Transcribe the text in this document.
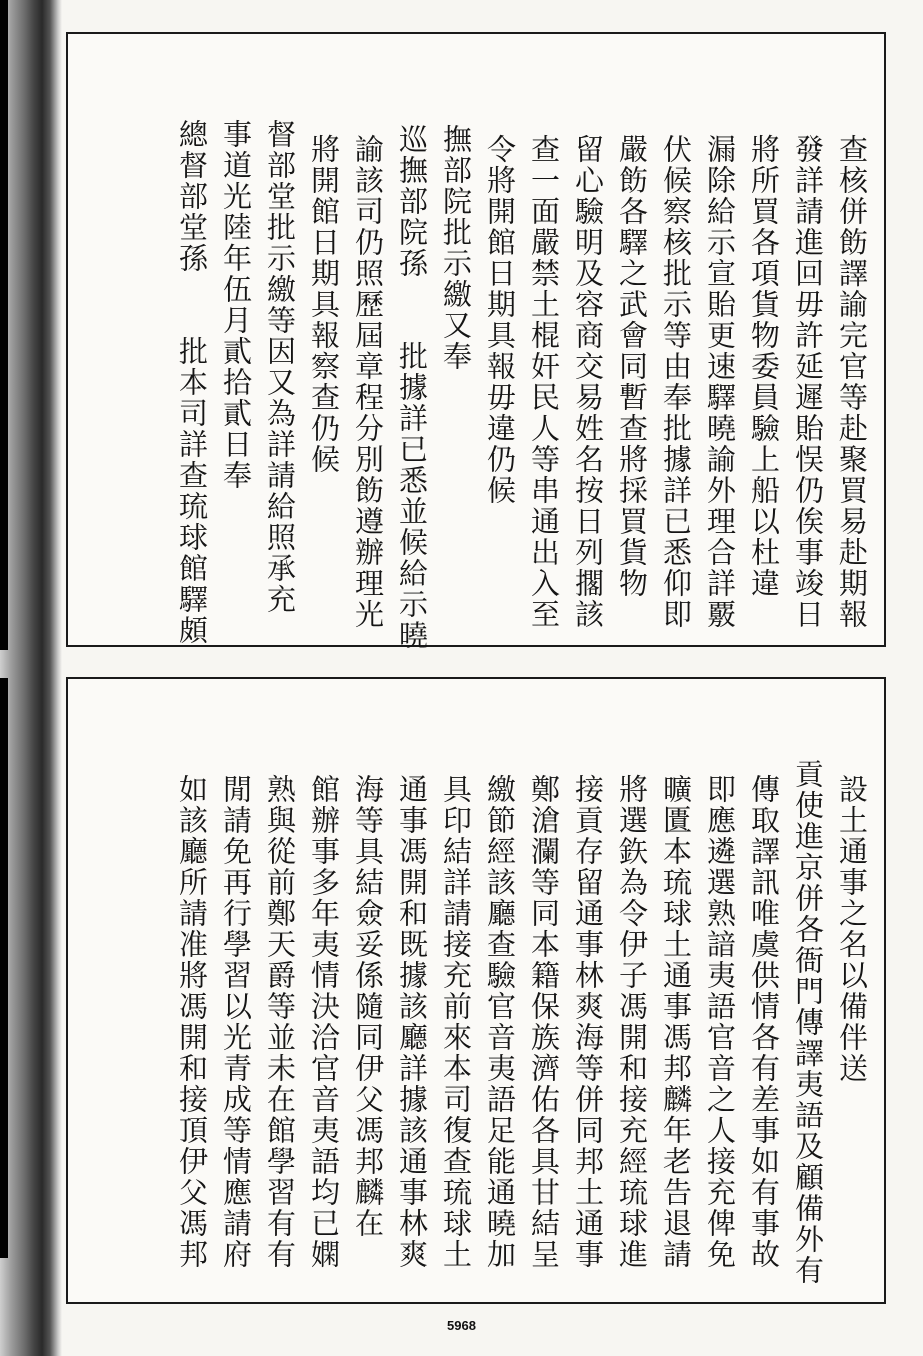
查核併飭譯諭完官等赴聚買易赴期報
發詳請進回毋許延遲貽悮仍俟事竣日
將所買各項貨物委員驗上船以杜違
漏除給示宣貽更速驛曉諭外理合詳覈
伏候察核批示等由奉批據詳已悉仰即
嚴飭各驛之武會同暫查將採買貨物
留心驗明及容商交易姓名按日列擱該
查一面嚴禁土棍奸民人等串通出入至
令將開館日期具報毋違仍候
撫部院批示繳又奉
巡撫部院孫　　批據詳已悉並候給示曉
諭該司仍照歷屆章程分別飭遵辦理光
將開館日期具報察查仍候
督部堂批示繳等因又為詳請給照承充
事道光陸年伍月貳拾貳日奉
總督部堂孫　　批本司詳查琉球館驛頗
設土通事之名以備伴送
貢使進京併各衙門傳譯夷語及顧備外有
傳取譯訊唯虞供情各有差事如有事故
即應遴選熟諳夷語官音之人接充俾免
曠匱本琉球土通事馮邦麟年老告退請
將選鉃為令伊子馮開和接充經琉球進
接貢存留通事林爽海等併同邦土通事
鄭滄瀾等同本籍保族濟佑各具甘結呈
繳節經該廳查驗官音夷語足能通曉加
具印結詳請接充前來本司復查琉球土
通事馮開和既據該廳詳據該通事林爽
海等具結僉妥係隨同伊父馮邦麟在
館辦事多年夷情決洽官音夷語均已嫻
熟與從前鄭天爵等並未在館學習有有
閒請免再行學習以光青成等情應請府
如該廳所請准將馮開和接頂伊父馮邦
5968
